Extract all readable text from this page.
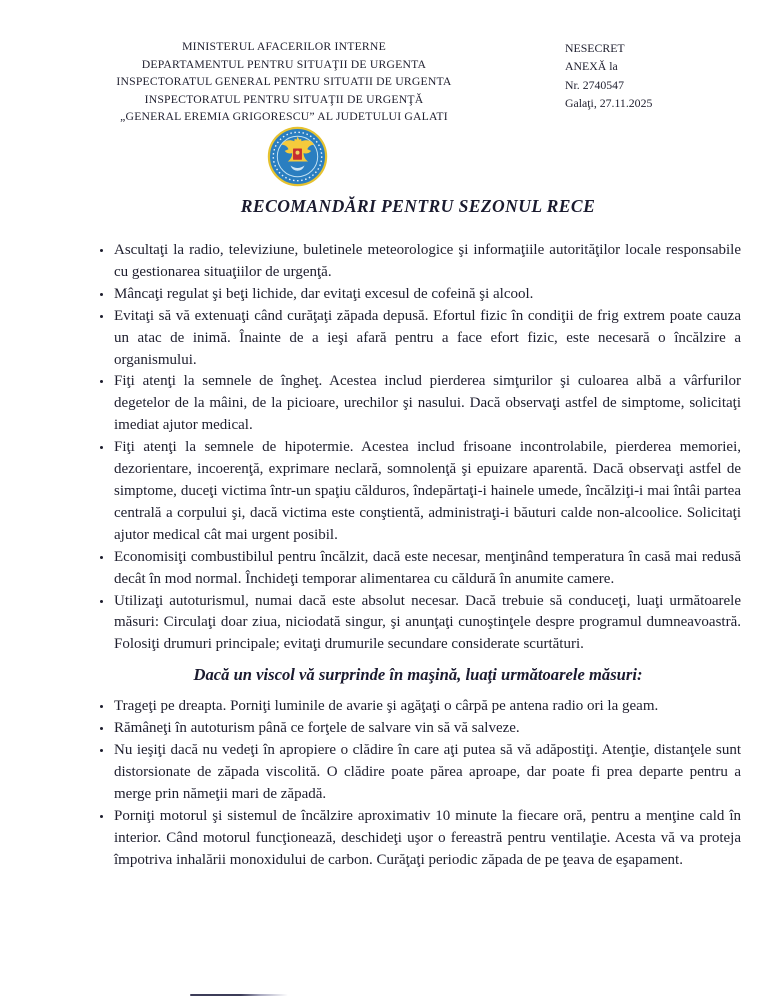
MINISTERUL AFACERILOR INTERNE
DEPARTAMENTUL PENTRU SITUAŢII DE URGENTA
INSPECTORATUL GENERAL PENTRU SITUATII DE URGENTA
INSPECTORATUL PENTRU SITUAŢII DE URGENŢĂ
„GENERAL EREMIA GRIGORESCU” AL JUDETULUI GALATI
NESECRET
ANEXĂ la
Nr. 2740547
Galaţi, 27.11.2025
RECOMANDĂRI PENTRU SEZONUL RECE
• Ascultaţi la radio, televiziune, buletinele meteorologice şi informaţiile autorităţilor locale responsabile cu gestionarea situaţiilor de urgenţă.
• Mâncaţi regulat şi beţi lichide, dar evitaţi excesul de cofeină şi alcool.
• Evitaţi să vă extenuaţi când curăţaţi zăpada depusă. Efortul fizic în condiţii de frig extrem poate cauza un atac de inimă. Înainte de a ieşi afară pentru a face efort fizic, este necesară o încălzire a organismului.
• Fiţi atenţi la semnele de îngheţ. Acestea includ pierderea simţurilor şi culoarea albă a vârfurilor degetelor de la mâini, de la picioare, urechilor şi nasului. Dacă observaţi astfel de simptome, solicitaţi imediat ajutor medical.
• Fiţi atenţi la semnele de hipotermie. Acestea includ frisoane incontrolabile, pierderea memoriei, dezorientare, incoerenţă, exprimare neclară, somnolenţă şi epuizare aparentă. Dacă observaţi astfel de simptome, duceţi victima într-un spaţiu călduros, îndepărtaţi-i hainele umede, încălziţi-i mai întâi partea centrală a corpului şi, dacă victima este conştientă, administraţi-i băuturi calde non-alcoolice. Solicitaţi ajutor medical cât mai urgent posibil.
• Economisiţi combustibilul pentru încălzit, dacă este necesar, menţinând temperatura în casă mai redusă decât în mod normal. Închideţi temporar alimentarea cu căldură în anumite camere.
• Utilizaţi autoturismul, numai dacă este absolut necesar. Dacă trebuie să conduceţi, luaţi următoarele măsuri: Circulaţi doar ziua, niciodată singur, şi anunţaţi cunoştinţele despre programul dumneavoastră. Folosiţi drumuri principale; evitaţi drumurile secundare considerate scurtături.
Dacă un viscol vă surprinde în maşină, luaţi următoarele măsuri:
• Trageţi pe dreapta. Porniţi luminile de avarie şi agăţaţi o cârpă pe antena radio ori la geam.
• Rămâneţi în autoturism până ce forţele de salvare vin să vă salveze.
• Nu ieşiţi dacă nu vedeţi în apropiere o clădire în care aţi putea să vă adăpostiţi. Atenţie, distanţele sunt distorsionate de zăpada viscolită. O clădire poate părea aproape, dar poate fi prea departe pentru a merge prin nămeţii mari de zăpadă.
• Porniţi motorul şi sistemul de încălzire aproximativ 10 minute la fiecare oră, pentru a menţine cald în interior. Când motorul funcţionează, deschideţi uşor o fereastră pentru ventilaţie. Acesta vă va proteja împotriva inhalării monoxidului de carbon. Curăţaţi periodic zăpada de pe ţeava de eşapament.
